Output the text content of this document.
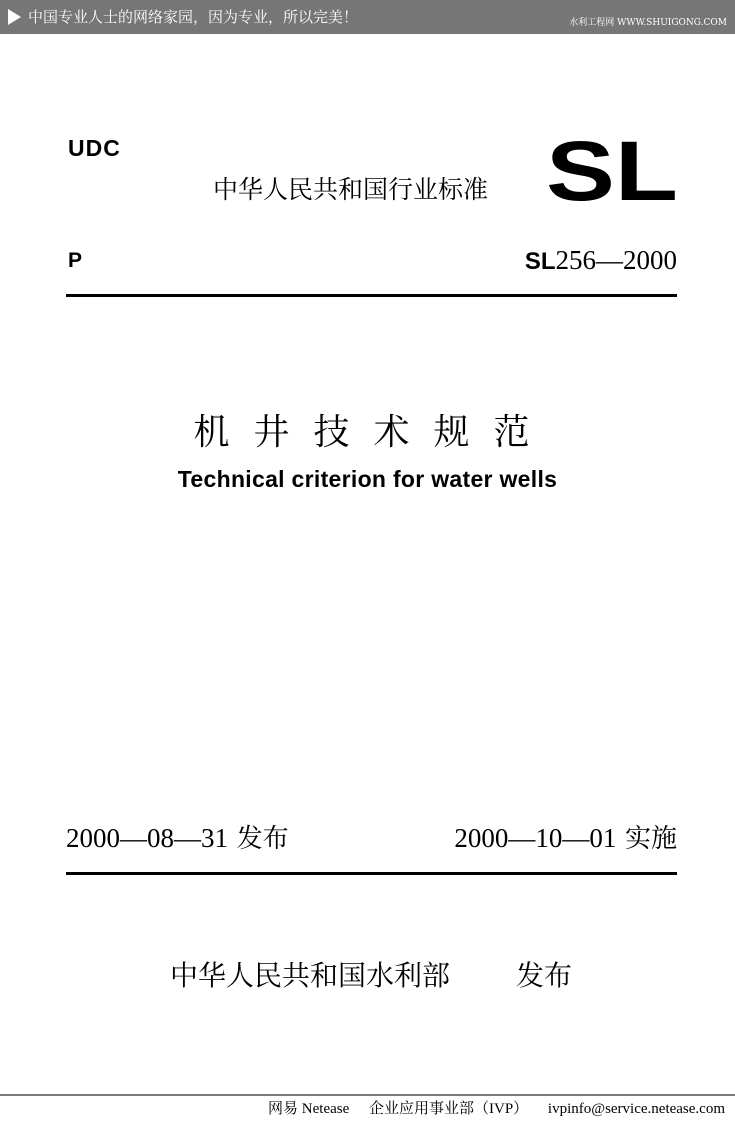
中国专业人士的网络家园，因为专业，所以完美！	水利工程网 WWW.SHUIGONG.COM
UDC
中华人民共和国行业标准 SL
P	SL256—2000
机井技术规范
Technical criterion for water wells
2000—08—31 发布	2000—10—01 实施
中华人民共和国水利部 发布
网易 Netease 企业应用事业部（IVP） ivpinfo@service.netease.com
